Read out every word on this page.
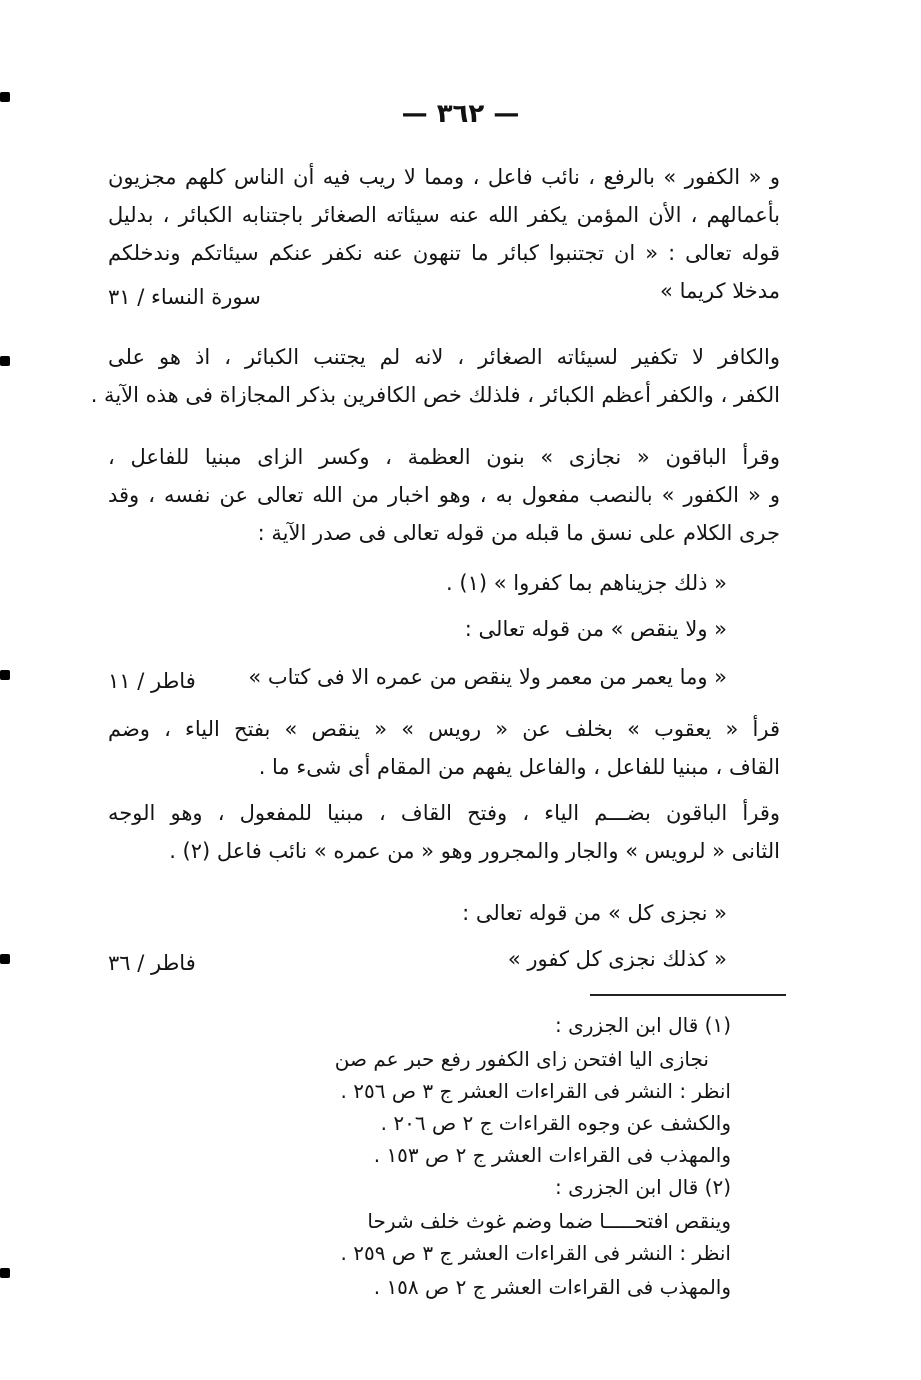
— ٣٦٢ —
و « الكفور » بالرفع ، نائب فاعل ، ومما لا ريب فيه أن الناس كلهم مجزيون
بأعمالهم ، الأن المؤمن يكفر الله عنه سيئاته الصغائر باجتنابه الكبائر ، بدليل
قوله تعالى : « ان تجتنبوا كبائر ما تنهون عنه نكفر عنكم سيئاتكم وندخلكم
مدخلا كريما »
سورة النساء / ٣١
والكافر لا تكفير لسيئاته الصغائر ، لانه لم يجتنب الكبائر ، اذ هو على
الكفر ، والكفر أعظم الكبائر ، فلذلك خص الكافرين بذكر المجازاة فى هذه الآية .
وقرأ الباقون « نجازى » بنون العظمة ، وكسر الزاى مبنيا للفاعل ،
و « الكفور » بالنصب مفعول به ، وهو اخبار من الله تعالى عن نفسه ، وقد
جرى الكلام على نسق ما قبله من قوله تعالى فى صدر الآية :
« ذلك جزيناهم بما كفروا » (١) .
« ولا ينقص » من قوله تعالى :
« وما يعمر من معمر ولا ينقص من عمره الا فى كتاب »
فاطر / ١١
قرأ « يعقوب » بخلف عن « رويس » « ينقص » بفتح الياء ، وضم
القاف ، مبنيا للفاعل ، والفاعل يفهم من المقام أى شىء ما .
وقرأ الباقون بضـــم الياء ، وفتح القاف ، مبنيا للمفعول ، وهو الوجه
الثانى « لرويس » والجار والمجرور وهو « من عمره » نائب فاعل (٢) .
« نجزى كل » من قوله تعالى :
« كذلك نجزى كل كفور »
فاطر / ٣٦
(١) قال ابن الجزرى :
نجازى اليا افتحن زاى الكفور رفع حبر عم صن
انظر : النشر فى القراءات العشر ج ٣ ص ٢٥٦ .
والكشف عن وجوه القراءات ج ٢ ص ٢٠٦ .
والمهذب فى القراءات العشر ج ٢ ص ١٥٣ .
(٢) قال ابن الجزرى :
وينقص افتحـــــا ضما وضم غوث خلف شرحا
انظر : النشر فى القراءات العشر ج ٣ ص ٢٥٩ .
والمهذب فى القراءات العشر ج ٢ ص ١٥٨ .
